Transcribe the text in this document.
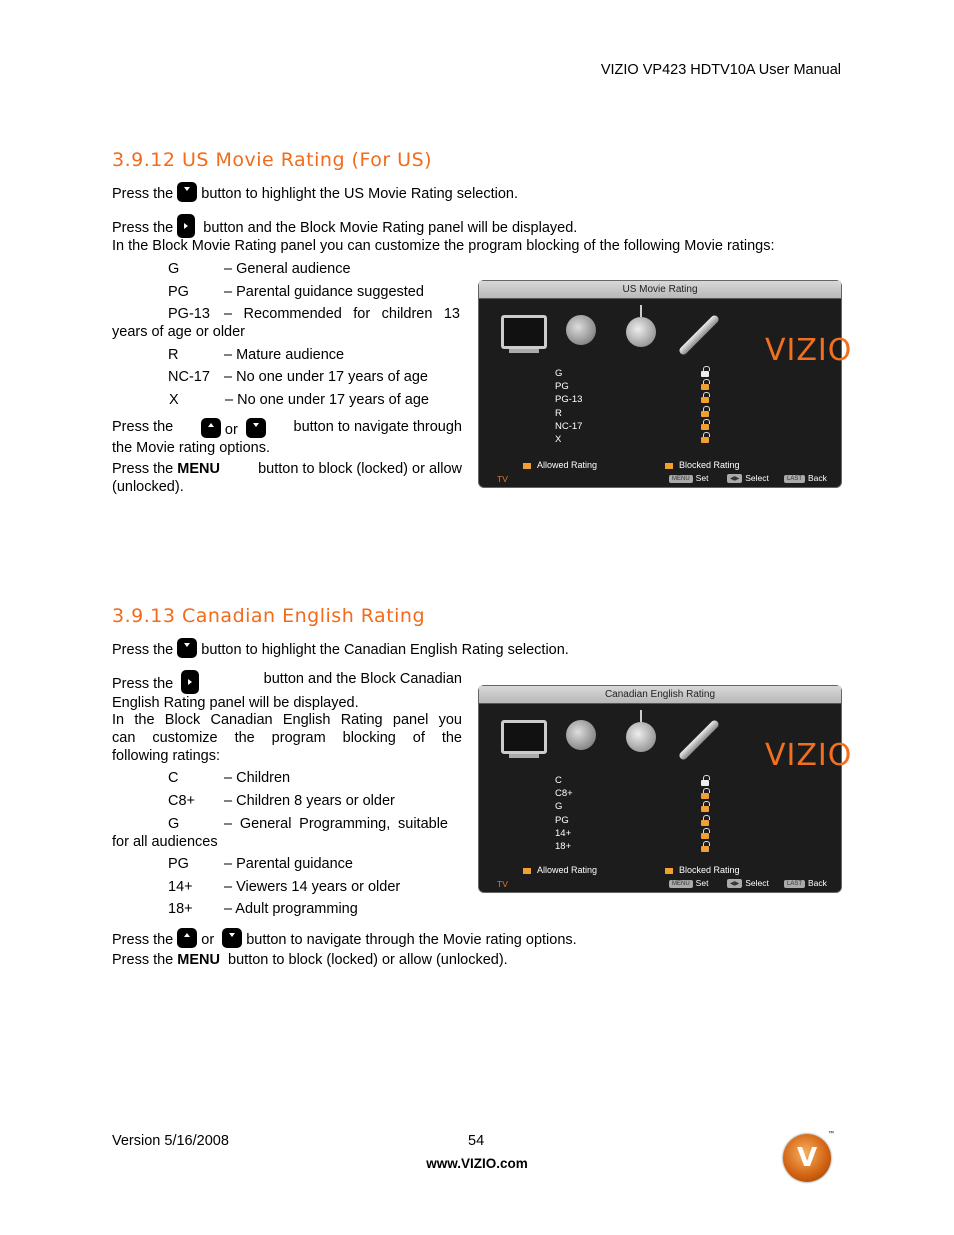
VIZIO VP423 HDTV10A User Manual
3.9.12 US Movie Rating (For US)
Press the button to highlight the US Movie Rating selection.
Press the button and the Block Movie Rating panel will be displayed.
In the Block Movie Rating panel you can customize the program blocking of the following Movie ratings:
G	– General audience
PG – Parental guidance suggested
PG-13 – Recommended for children 13
years of age or older
R	– Mature audience
NC-17 – No one under 17 years of age
X	– No one under 17 years of age
Press the	or	button to navigate through
the Movie rating options.
Press the MENU	button to block (locked) or allow
(unlocked).
US Movie Rating
VIZIO
G
PG
PG-13
R
NC-17
X
Allowed Rating	Blocked Rating
TV	MENU Set	◀▶ Select	LAST Back
3.9.13 Canadian English Rating
Press the button to highlight the Canadian English Rating selection.
Press the	button and the Block Canadian
English Rating panel will be displayed.
In the Block Canadian English Rating panel you
can customize the program blocking of the
following ratings:
C	– Children
C8+ – Children 8 years or older
G	– General Programming, suitable
for all audiences
PG – Parental guidance
14+ – Viewers 14 years or older
18+ – Adult programming
Press the or button to navigate through the Movie rating options.
Press the MENU button to block (locked) or allow (unlocked).
Canadian English Rating
VIZIO
C
C8+
G
PG
14+
18+
Allowed Rating	Blocked Rating
TV	MENU Set	◀▶ Select	LAST Back
Version 5/16/2008	54
www.VIZIO.com	V
™
